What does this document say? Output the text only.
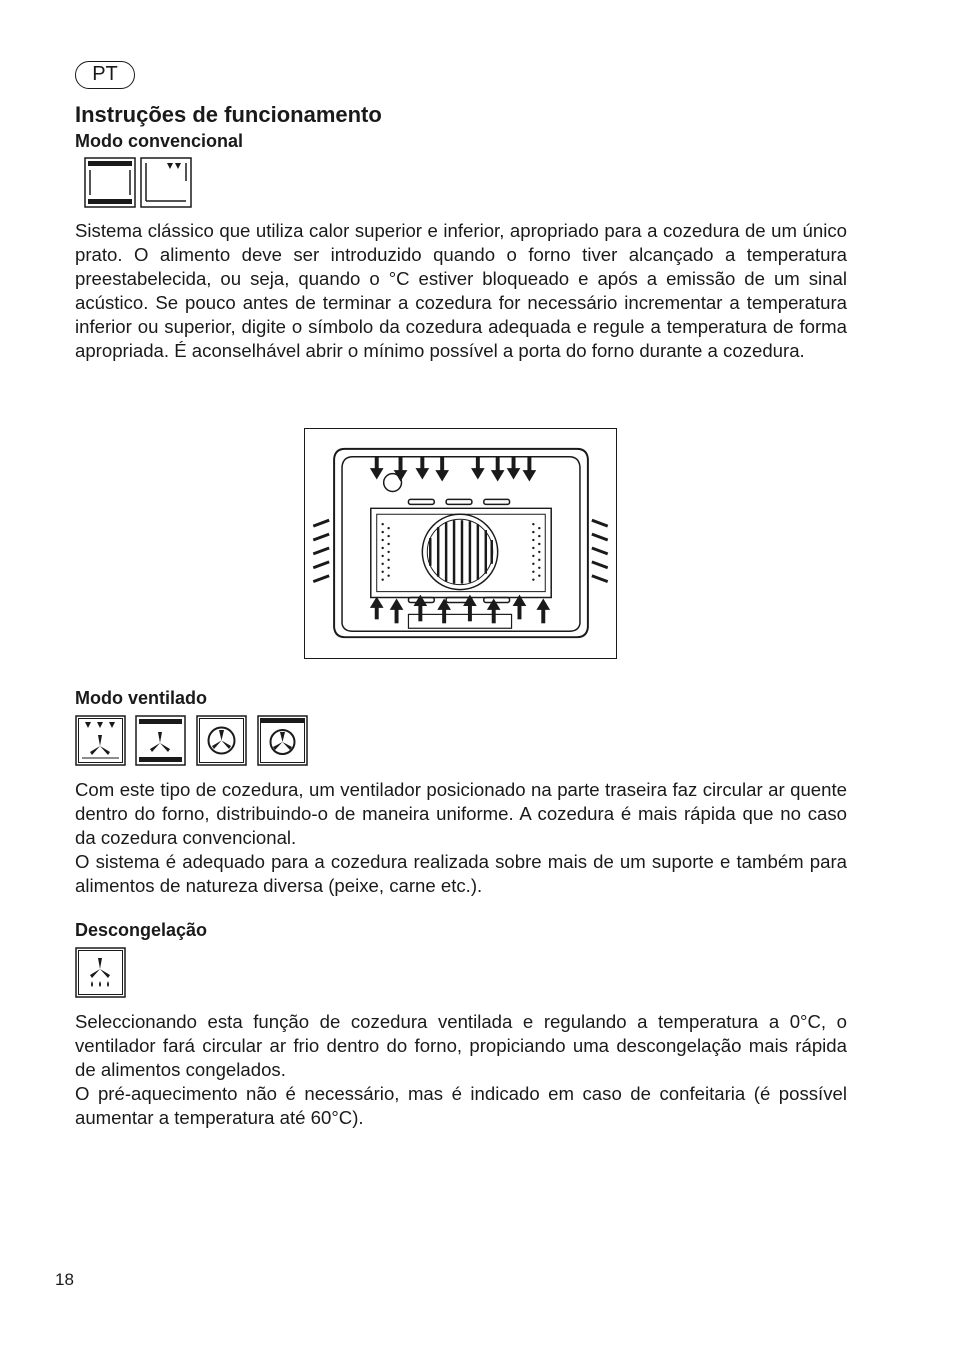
PT
Instruções de funcionamento
Modo convencional

Sistema clássico que utiliza calor superior e inferior, apropriado para a cozedura de um único prato. O alimento deve ser introduzido quando o forno tiver alcançado a temperatura preestabelecida, ou seja, quando o °C estiver bloqueado e após a emissão de um sinal acústico. Se pouco antes de terminar a cozedura for necessário incrementar a temperatura inferior ou superior, digite o símbolo da cozedura adequada e regule a temperatura de forma apropriada. É aconselhável abrir o mínimo possível a porta do forno durante a cozedura.

Modo ventilado

Com este tipo de cozedura, um ventilador posicionado na parte traseira faz circular ar quente dentro do forno, distribuindo-o de maneira uniforme. A cozedura é mais rápida que no caso da cozedura convencional.

O sistema é adequado para a cozedura realizada sobre mais de um suporte e também para alimentos de natureza diversa (peixe, carne etc.).

Descongelação

Seleccionando esta função de cozedura ventilada e regulando a temperatura a 0°C, o ventilador fará circular ar frio dentro do forno, propiciando uma descongelação mais rápida de alimentos congelados.

O pré-aquecimento não é necessário, mas é indicado em caso de confeitaria (é possível aumentar a temperatura até 60°C).

18
